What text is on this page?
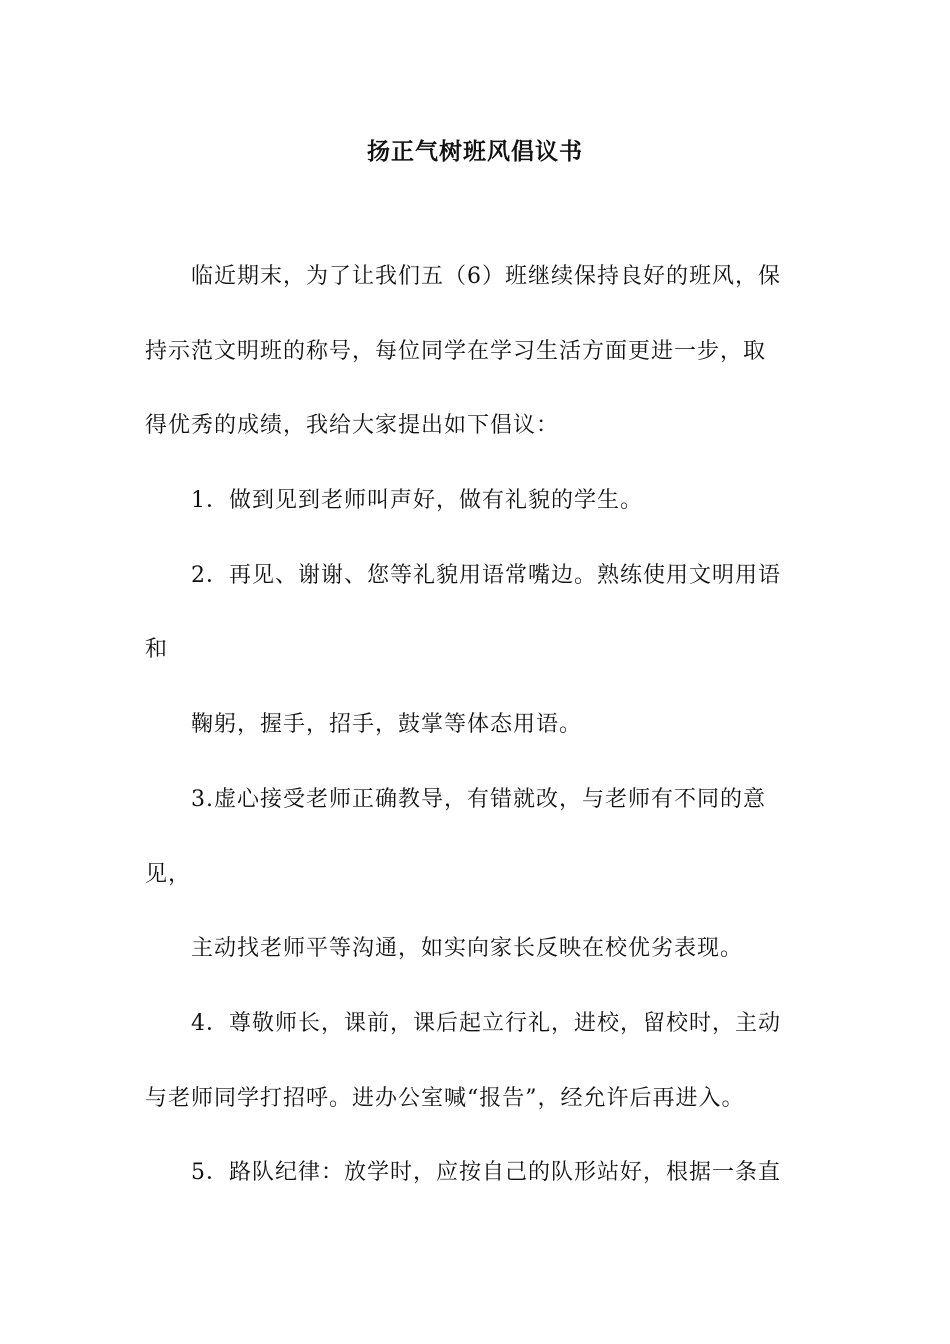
扬正气树班风倡议书
临近期末，为了让我们五（6）班继续保持良好的班风，保
持示范文明班的称号，每位同学在学习生活方面更进一步，取
得优秀的成绩，我给大家提出如下倡议：
1．做到见到老师叫声好，做有礼貌的学生。
2．再见、谢谢、您等礼貌用语常嘴边。熟练使用文明用语
和
鞠躬，握手，招手，鼓掌等体态用语。
3.虚心接受老师正确教导，有错就改，与老师有不同的意
见，
主动找老师平等沟通，如实向家长反映在校优劣表现。
4．尊敬师长，课前，课后起立行礼，进校，留校时，主动
与老师同学打招呼。进办公室喊“报告”，经允许后再进入。
5．路队纪律：放学时，应按自己的队形站好，根据一条直
